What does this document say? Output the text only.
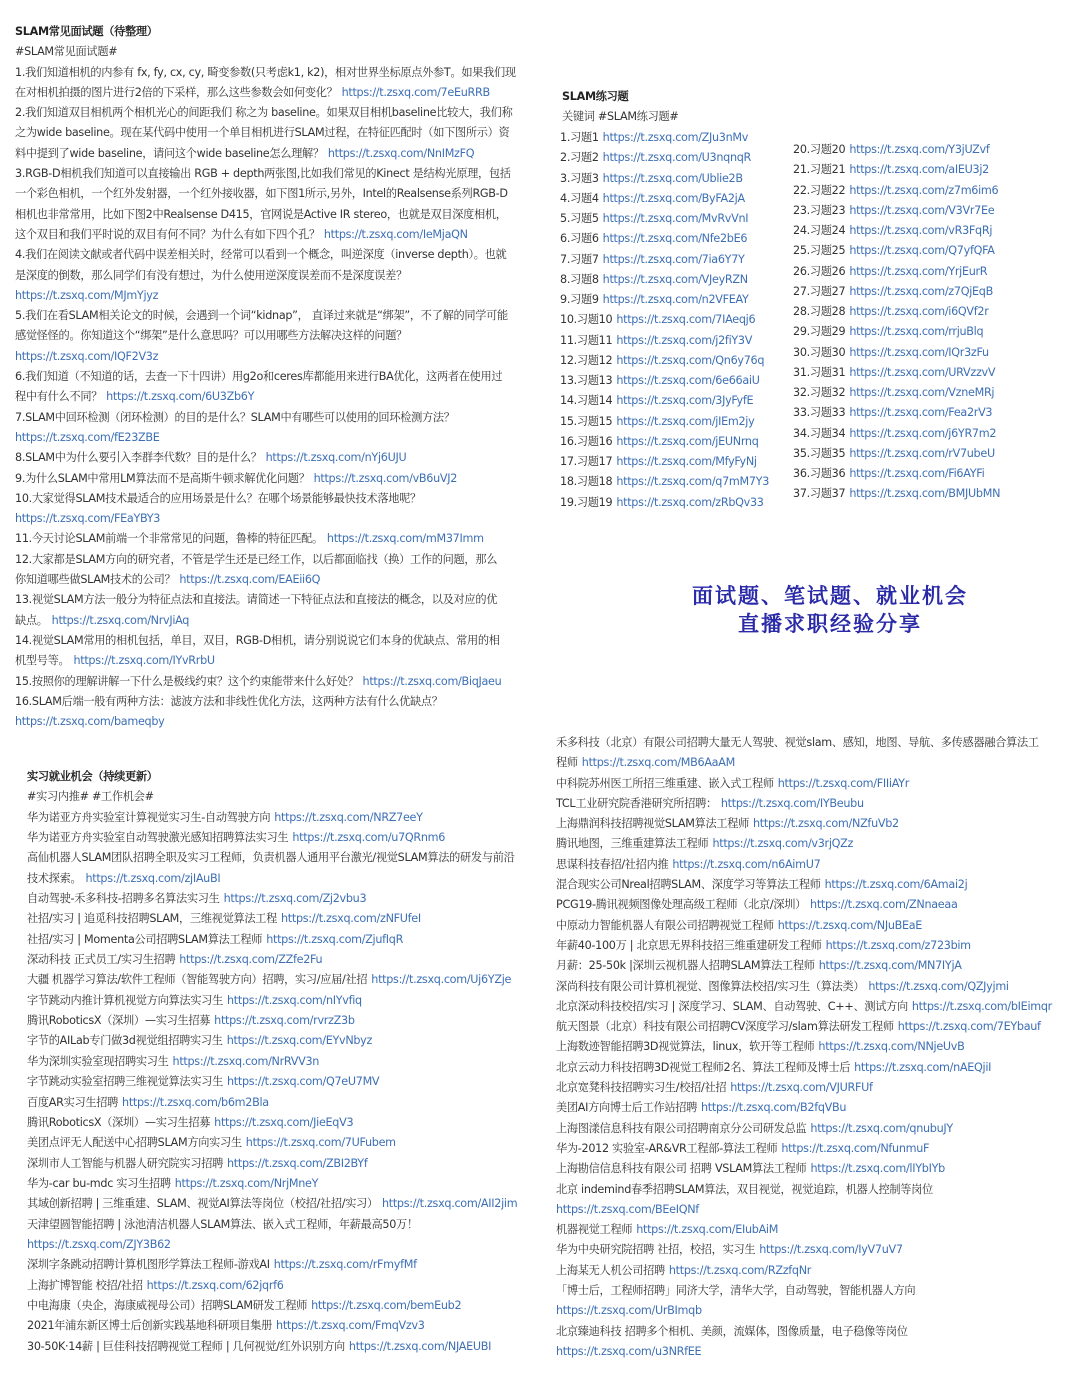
SLAM常见面试题（待整理）
#SLAM常见面试题#
1.我们知道相机的内参有 fx, fy, cx, cy, 畸变参数(只考虑k1, k2)，相对世界坐标原点外参T。如果我们现
在对相机拍摄的图片进行2倍的下采样，那么这些参数会如何变化？ https://t.zsxq.com/7eEuRRB
2.我们知道双目相机两个相机光心的间距我们 称之为 baseline。如果双目相机baseline比较大，我们称
之为wide baseline。现在某代码中使用一个单目相机进行SLAM过程，在特征匹配时（如下图所示）资
料中提到了wide baseline，请问这个wide baseline怎么理解？ https://t.zsxq.com/NnIMzFQ
3.RGB-D相机我们知道可以直接输出 RGB + depth两张图,比如我们常见的Kinect 是结构光原理，包括
一个彩色相机，一个红外发射器，一个红外接收器，如下图1所示,另外，Intel的Realsense系列RGB-D
相机也非常常用，比如下图2中Realsense D415，官网说是Active IR stereo，也就是双目深度相机，
这个双目和我们平时说的双目有何不同？为什么有如下四个孔？ https://t.zsxq.com/IeMjaQN
4.我们在阅读文献或者代码中误差相关时，经常可以看到一个概念，叫逆深度（inverse depth）。也就
是深度的倒数，那么同学们有没有想过，为什么使用逆深度误差而不是深度误差？
https://t.zsxq.com/MJmYjyz
5.我们在看SLAM相关论文的时候，会遇到一个词“kidnap”， 直译过来就是“绑架”，不了解的同学可能
感觉怪怪的。你知道这个“绑架”是什么意思吗？可以用哪些方法解决这样的问题？
https://t.zsxq.com/IQF2V3z
6.我们知道（不知道的话，去查一下十四讲）用g2o和ceres库都能用来进行BA优化，这两者在使用过
程中有什么不同？ https://t.zsxq.com/6U3Zb6Y
7.SLAM中回环检测（闭环检测）的目的是什么？SLAM中有哪些可以使用的回环检测方法？
https://t.zsxq.com/fE23ZBE
8.SLAM中为什么要引入李群李代数？目的是什么？ https://t.zsxq.com/nYj6UJU
9.为什么SLAM中常用LM算法而不是高斯牛顿求解优化问题？ https://t.zsxq.com/vB6uVJ2
10.大家觉得SLAM技术最适合的应用场景是什么？在哪个场景能够最快技术落地呢？
https://t.zsxq.com/FEaYBY3
11.今天讨论SLAM前端一个非常常见的问题，鲁棒的特征匹配。 https://t.zsxq.com/mM37Imm
12.大家都是SLAM方向的研究者，不管是学生还是已经工作，以后都面临找（换）工作的问题，那么
你知道哪些做SLAM技术的公司？ https://t.zsxq.com/EAEii6Q
13.视觉SLAM方法一般分为特征点法和直接法。请简述一下特征点法和直接法的概念，以及对应的优
缺点。 https://t.zsxq.com/NrvJiAq
14.视觉SLAM常用的相机包括，单目，双目，RGB-D相机，请分别说说它们本身的优缺点、常用的相
机型号等。 https://t.zsxq.com/IYvRrbU
15.按照你的理解讲解一下什么是极线约束？这个约束能带来什么好处？ https://t.zsxq.com/BiqJaeu
16.SLAM后端一般有两种方法：滤波方法和非线性优化方法，这两种方法有什么优缺点？
https://t.zsxq.com/bameqby
SLAM练习题
关键词 #SLAM练习题#
1.习题1 https://t.zsxq.com/ZJu3nMv
2.习题2 https://t.zsxq.com/U3nqnqR
3.习题3 https://t.zsxq.com/Ublie2B
4.习题4 https://t.zsxq.com/ByFA2jA
5.习题5 https://t.zsxq.com/MvRvVnI
6.习题6 https://t.zsxq.com/Nfe2bE6
7.习题7 https://t.zsxq.com/7ia6Y7Y
8.习题8 https://t.zsxq.com/VJeyRZN
9.习题9 https://t.zsxq.com/n2VFEAY
10.习题10 https://t.zsxq.com/7IAeqj6
11.习题11 https://t.zsxq.com/j2fiY3V
12.习题12 https://t.zsxq.com/Qn6y76q
13.习题13 https://t.zsxq.com/6e66aiU
14.习题14 https://t.zsxq.com/3JyFyfE
15.习题15 https://t.zsxq.com/jIEm2jy
16.习题16 https://t.zsxq.com/jEUNrnq
17.习题17 https://t.zsxq.com/MfyFyNj
18.习题18 https://t.zsxq.com/q7mM7Y3
19.习题19 https://t.zsxq.com/zRbQv33
20.习题20 https://t.zsxq.com/Y3jUZvf
21.习题21 https://t.zsxq.com/aIEU3j2
22.习题22 https://t.zsxq.com/z7m6im6
23.习题23 https://t.zsxq.com/V3Vr7Ee
24.习题24 https://t.zsxq.com/vR3FqRj
25.习题25 https://t.zsxq.com/Q7yfQFA
26.习题26 https://t.zsxq.com/YrjEurR
27.习题27 https://t.zsxq.com/z7QjEqB
28.习题28 https://t.zsxq.com/i6QVf2r
29.习题29 https://t.zsxq.com/rrjuBlq
30.习题30 https://t.zsxq.com/IQr3zFu
31.习题31 https://t.zsxq.com/URVzzvV
32.习题32 https://t.zsxq.com/VzneMRj
33.习题33 https://t.zsxq.com/Fea2rV3
34.习题34 https://t.zsxq.com/j6YR7m2
35.习题35 https://t.zsxq.com/rV7ubeU
36.习题36 https://t.zsxq.com/Fi6AYFi
37.习题37 https://t.zsxq.com/BMJUbMN
面试题、笔试题、就业机会
直播求职经验分享
实习就业机会（持续更新）
#实习内推# #工作机会#
华为诺亚方舟实验室计算视觉实习生-自动驾驶方向 https://t.zsxq.com/NRZ7eeY
华为诺亚方舟实验室自动驾驶激光感知招聘算法实习生 https://t.zsxq.com/u7QRnm6
高仙机器人SLAM团队招聘全职及实习工程师，负责机器人通用平台激光/视觉SLAM算法的研发与前沿
技术探索。 https://t.zsxq.com/zjIAuBI
自动驾驶-禾多科技-招聘多名算法实习生 https://t.zsxq.com/Zj2vbu3
社招/实习 | 追觅科技招聘SLAM，三维视觉算法工程 https://t.zsxq.com/zNFUfeI
社招/实习 | Momenta公司招聘SLAM算法工程师 https://t.zsxq.com/ZjufIqR
深动科技 正式员工/实习生招聘 https://t.zsxq.com/ZZfe2Fu
大疆 机器学习算法/软件工程师（智能驾驶方向）招聘，实习/应届/社招 https://t.zsxq.com/Uj6YZje
字节跳动内推计算机视觉方向算法实习生 https://t.zsxq.com/nIYvfiq
腾讯RoboticsX（深圳）—实习生招募 https://t.zsxq.com/rvrzZ3b
字节的AILab专门做3d视觉组招聘实习生 https://t.zsxq.com/EYvNbyz
华为深圳实验室现招聘实习生 https://t.zsxq.com/NrRVV3n
字节跳动实验室招聘三维视觉算法实习生 https://t.zsxq.com/Q7eU7MV
百度AR实习生招聘 https://t.zsxq.com/b6m2Bla
腾讯RoboticsX（深圳）—实习生招募 https://t.zsxq.com/JieEqV3
美团点评无人配送中心招聘SLAM方向实习生 https://t.zsxq.com/7UFubem
深圳市人工智能与机器人研究院实习招聘 https://t.zsxq.com/ZBI2BYf
华为-car bu-mdc 实习生招聘 https://t.zsxq.com/NrjMneY
其域创新招聘 | 三维重建、SLAM、视觉AI算法等岗位（校招/社招/实习） https://t.zsxq.com/AII2jim
天津望圆智能招聘 | 泳池清洁机器人SLAM算法、嵌入式工程师，年薪最高50万！
https://t.zsxq.com/ZJY3B62
深圳字条跳动招聘计算机图形学算法工程师-游戏AI https://t.zsxq.com/rFmyfMf
上海扩博智能 校招/社招 https://t.zsxq.com/62jqrf6
中电海康（央企，海康威视母公司）招聘SLAM研发工程师 https://t.zsxq.com/bemEub2
2021年浦东新区博士后创新实践基地科研项目集册 https://t.zsxq.com/FmqVzv3
30-50K·14薪 | 巨佳科技招聘视觉工程师 | 几何视觉/红外识别方向 https://t.zsxq.com/NJAEUBI
禾多科技（北京）有限公司招聘大量无人驾驶、视觉slam、感知，地图、导航、多传感器融合算法工
程师 https://t.zsxq.com/MB6AaAM
中科院苏州医工所招三维重建、嵌入式工程师 https://t.zsxq.com/FIIiAYr
TCL工业研究院香港研究所招聘： https://t.zsxq.com/IYBeubu
上海鼎润科技招聘视觉SLAM算法工程师 https://t.zsxq.com/NZfuVb2
腾讯地图，三维重建算法工程师 https://t.zsxq.com/v3rjQZz
思谋科技春招/社招内推 https://t.zsxq.com/n6AimU7
混合现实公司Nreal招聘SLAM、深度学习等算法工程师 https://t.zsxq.com/6Amai2j
PCG19-腾讯视频图像处理高级工程师（北京/深圳） https://t.zsxq.com/ZNnaeaa
中原动力智能机器人有限公司招聘视觉工程师 https://t.zsxq.com/NJuBEaE
年薪40-100万 | 北京思无界科技招三维重建研发工程师 https://t.zsxq.com/z723bim
月薪：25-50k |深圳云视机器人招聘SLAM算法工程师 https://t.zsxq.com/MN7IYjA
深尚科技有限公司计算机视觉、图像算法校招/实习生（算法类） https://t.zsxq.com/QZJyjmi
北京深动科技校招/实习 | 深度学习、SLAM、自动驾驶、C++、测试方向 https://t.zsxq.com/bIEimqr
航天图景（北京）科技有限公司招聘CV深度学习/slam算法研发工程师 https://t.zsxq.com/7EYbauf
上海数迹智能招聘3D视觉算法，linux，软开等工程师 https://t.zsxq.com/NNjeUvB
北京云动力科技招聘3D视觉工程师2名、算法工程师及博士后 https://t.zsxq.com/nAEQjiI
北京宽凳科技招聘实习生/校招/社招 https://t.zsxq.com/VJURFUf
美团AI方向博士后工作站招聘 https://t.zsxq.com/B2fqVBu
上海图漾信息科技有限公司招聘南京分公司研发总监 https://t.zsxq.com/qnubuJY
华为-2012 实验室-AR&VR工程部-算法工程师 https://t.zsxq.com/NfunmuF
上海勘信信息科技有限公司 招聘 VSLAM算法工程师 https://t.zsxq.com/lIYbIYb
北京 indemind春季招聘SLAM算法，双目视觉，视觉追踪，机器人控制等岗位
https://t.zsxq.com/BEeIQNf
机器视觉工程师 https://t.zsxq.com/EIubAiM
华为中央研究院招聘 社招，校招，实习生 https://t.zsxq.com/IyV7uV7
上海某无人机公司招聘 https://t.zsxq.com/RZzfqNr
「博士后，工程师招聘」同济大学，清华大学，自动驾驶，智能机器人方向
https://t.zsxq.com/UrBImqb
北京臻迪科技 招聘多个相机、美颜，流媒体，图像质量，电子稳像等岗位
https://t.zsxq.com/u3NRfEE
